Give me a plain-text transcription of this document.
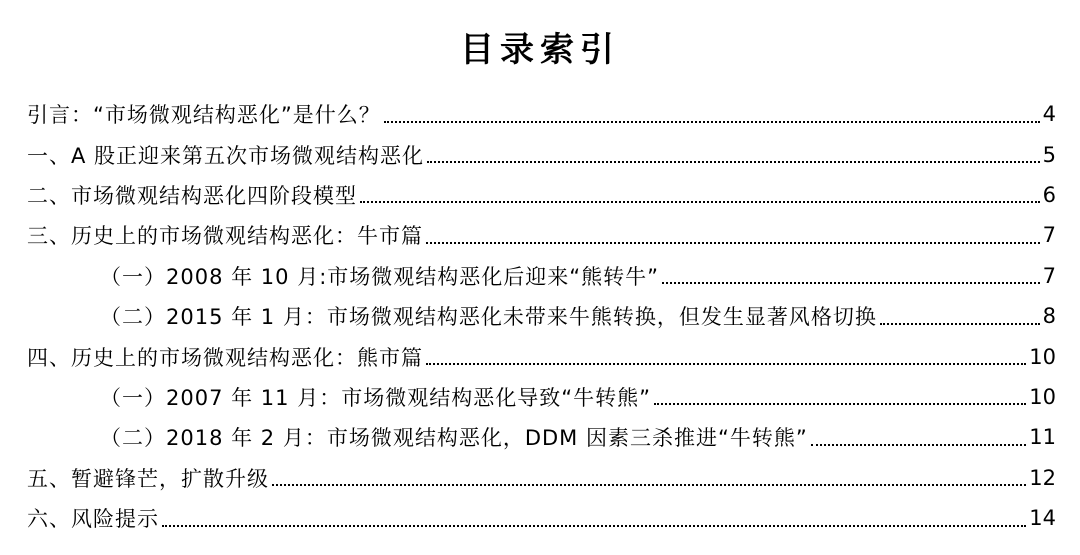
目录索引
引言：“市场微观结构恶化”是什么？	4
一、A 股正迎来第五次市场微观结构恶化	5
二、市场微观结构恶化四阶段模型	6
三、历史上的市场微观结构恶化：牛市篇	7
（一）2008 年 10 月:市场微观结构恶化后迎来“熊转牛”	7
（二）2015 年 1 月：市场微观结构恶化未带来牛熊转换，但发生显著风格切换	8
四、历史上的市场微观结构恶化：熊市篇	10
（一）2007 年 11 月：市场微观结构恶化导致“牛转熊”	10
（二）2018 年 2 月：市场微观结构恶化，DDM 因素三杀推进“牛转熊”	11
五、暂避锋芒，扩散升级	12
六、风险提示	14
